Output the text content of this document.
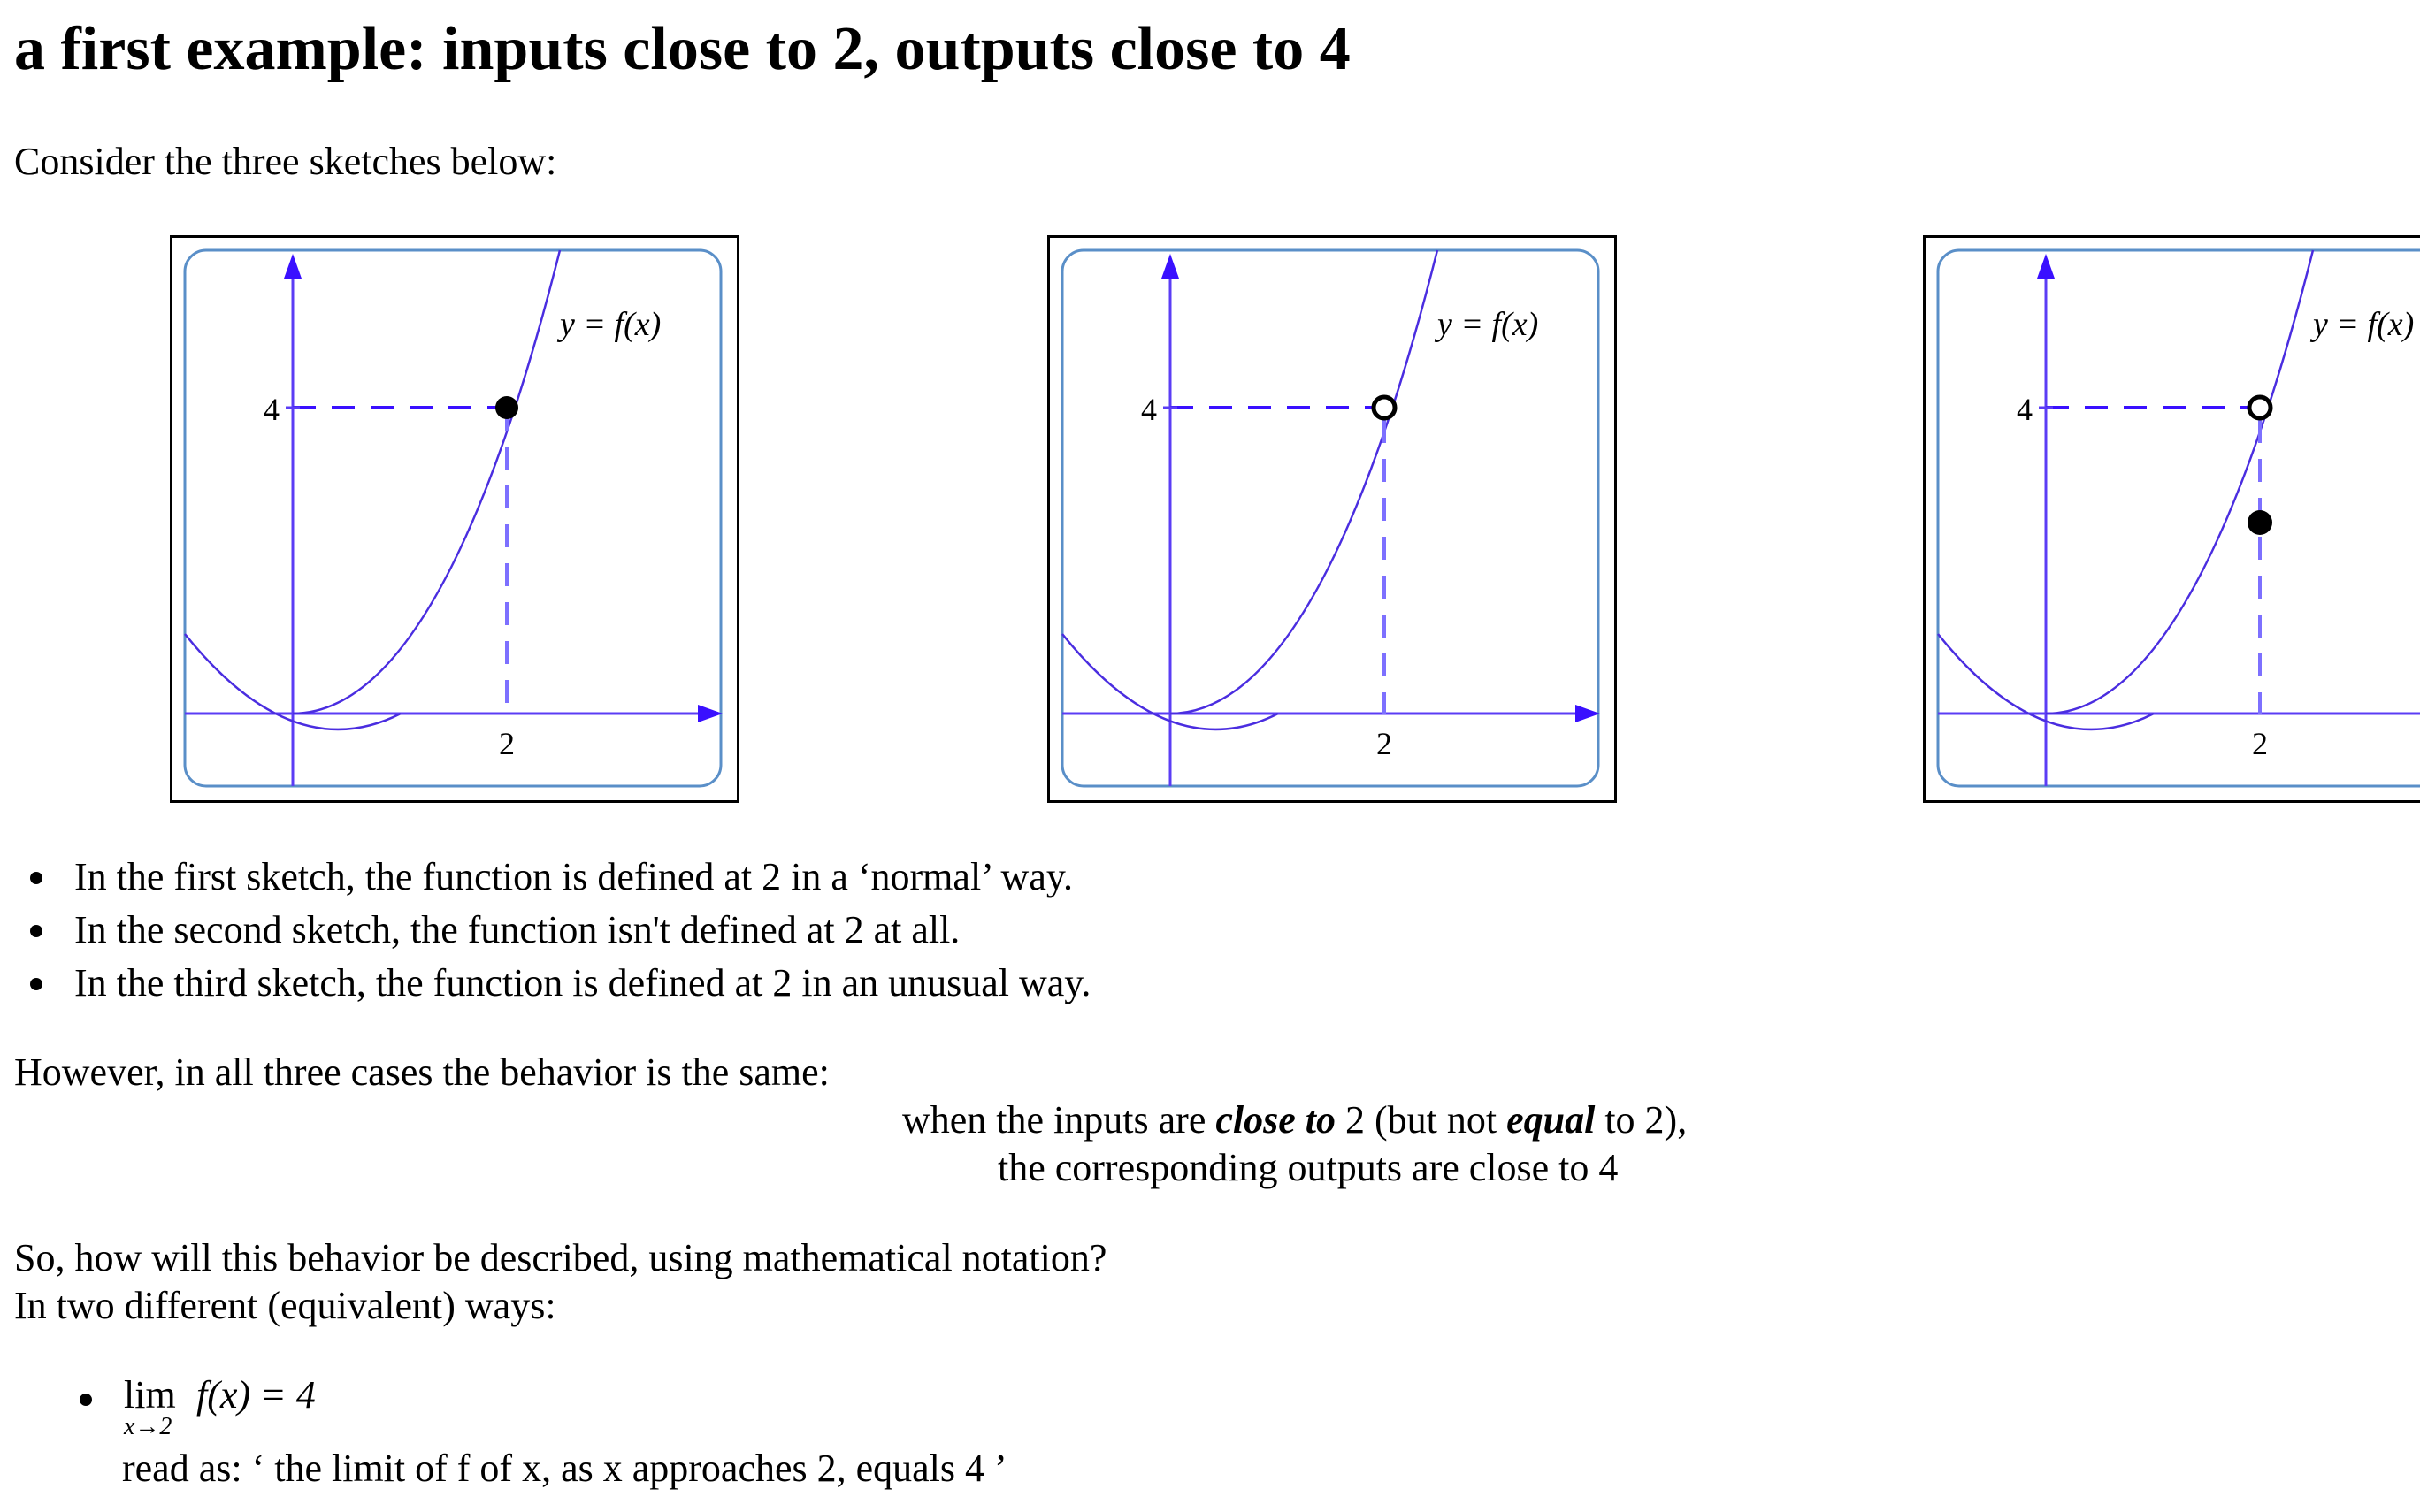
a first example: inputs close to 2, outputs close to 4
Consider the three sketches below:
4
2
y = f(x)
4
2
y = f(x)
4
2
y = f(x)
In the first sketch, the function is defined at 2 in a ‘normal’ way.
In the second sketch, the function isn't defined at 2 at all.
In the third sketch, the function is defined at 2 in an unusual way.
However, in all three cases the behavior is the same:
when the inputs are close to 2 (but not equal to 2),
the corresponding outputs are close to 4
So, how will this behavior be described, using mathematical notation?
In two different (equivalent) ways:
lim
x→2
f(x) = 4
read as: ‘ the limit of f of x, as x approaches 2, equals 4 ’
